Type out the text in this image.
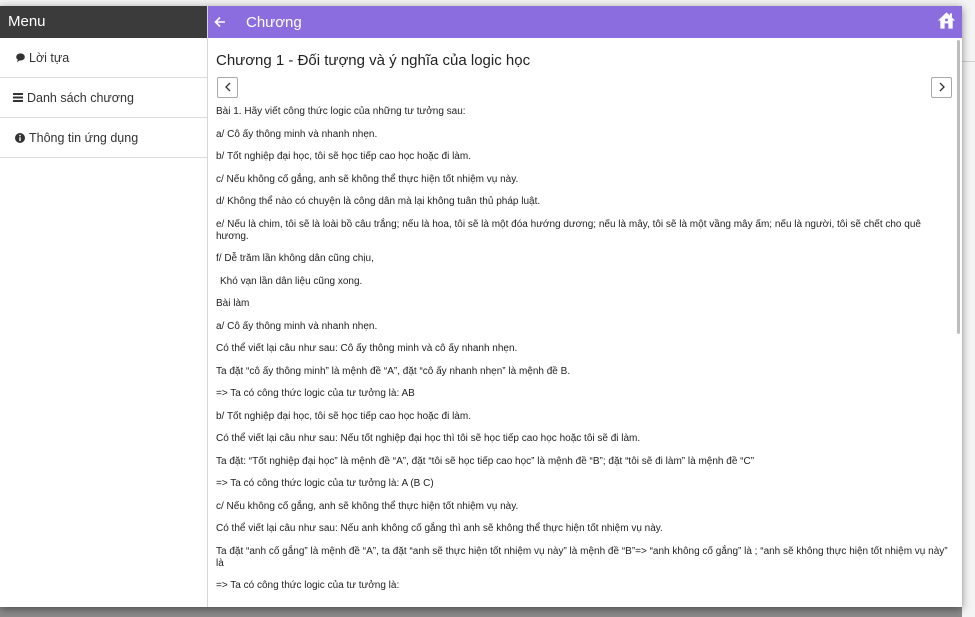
Menu
Lời tựa
Danh sách chương
Thông tin ứng dụng
Chương
Chương 1 - Đối tượng và ý nghĩa của logic học

Bài 1. Hãy viết công thức logic của những tư tưởng sau:

a/ Cô ấy thông minh và nhanh nhẹn.

b/ Tốt nghiệp đại học, tôi sẽ học tiếp cao học hoặc đi làm.

c/ Nếu không cố gắng, anh sẽ không thể thực hiện tốt nhiệm vụ này.

d/ Không thể nào có chuyện là công dân mà lại không tuân thủ pháp luật.

e/ Nếu là chim, tôi sẽ là loài bồ câu trắng; nếu là hoa, tôi sẽ là một đóa hướng dương; nếu là mây, tôi sẽ là một vầng mây ấm; nếu là người, tôi sẽ chết cho quê hương.

f/ Dễ trăm lần không dân cũng chịu,

Khó vạn lần dân liệu cũng xong.

Bài làm

a/ Cô ấy thông minh và nhanh nhẹn.

Có thể viết lại câu như sau: Cô ấy thông minh và cô ấy nhanh nhẹn.

Ta đặt “cô ấy thông minh” là mệnh đề “A”, đặt “cô ấy nhanh nhẹn” là mệnh đề B.

=> Ta có công thức logic của tư tưởng là: AB

b/ Tốt nghiệp đại học, tôi sẽ học tiếp cao học hoặc đi làm.

Có thể viết lại câu như sau: Nếu tốt nghiệp đại học thì tôi sẽ học tiếp cao học hoặc tôi sẽ đi làm.

Ta đặt: “Tốt nghiệp đại học” là mệnh đề “A”, đặt “tôi sẽ học tiếp cao học” là mệnh đề “B”; đặt “tôi sẽ đi làm” là mệnh đề “C”

=> Ta có công thức logic của tư tưởng là: A (B C)

c/ Nếu không cố gắng, anh sẽ không thể thực hiện tốt nhiệm vụ này.

Có thể viết lại câu như sau: Nếu anh không cố gắng thì anh sẽ không thể thực hiện tốt nhiệm vụ này.

Ta đặt “anh cố gắng” là mệnh đề “A”, ta đặt “anh sẽ thực hiện tốt nhiệm vụ này” là mệnh đề “B”=> “anh không cố gắng” là ; “anh sẽ không thực hiện tốt nhiệm vụ này” là

=> Ta có công thức logic của tư tưởng là:
